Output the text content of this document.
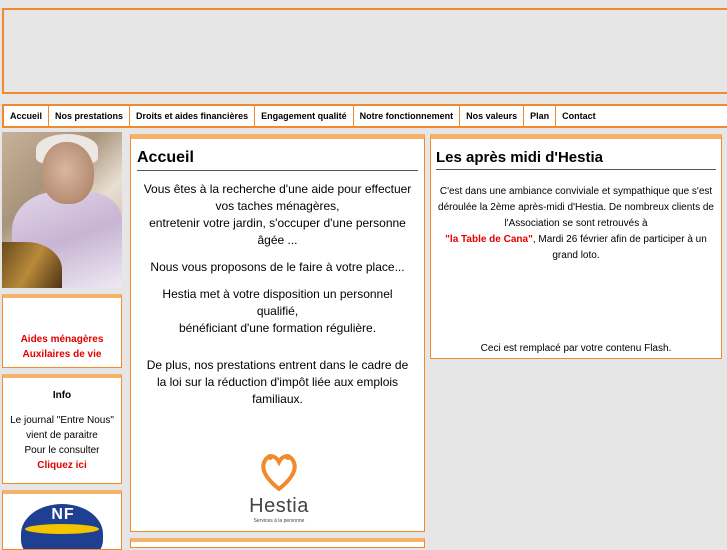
Accueil	Nos prestations	Droits et aides financières	Engagement qualité	Notre fonctionnement	Nos valeurs	Plan	Contact
Aides ménagères
Auxilaires de vie
Info
Le journal "Entre Nous"
vient de paraitre
Pour le consulter
Cliquez ici
NF
Accueil

Vous êtes à la recherche d'une aide pour effectuer vos taches ménagères,
entretenir votre jardin, s'occuper d'une personne âgée ...

Nous vous proposons de le faire à votre place...

Hestia met à votre disposition un personnel qualifié,
bénéficiant d'une formation régulière.

De plus, nos prestations entrent dans le cadre de la loi sur la réduction d'impôt liée aux emplois familiaux.

Hestia
Services à la personne
Les après midi d'Hestia

C'est dans une ambiance conviviale et sympathique que s'est déroulée la 2ème après-midi d'Hestia. De nombreux clients de l'Association se sont retrouvés à
"la Table de Cana", Mardi 26 février afin de participer à un grand loto.

Ceci est remplacé par votre contenu Flash.
